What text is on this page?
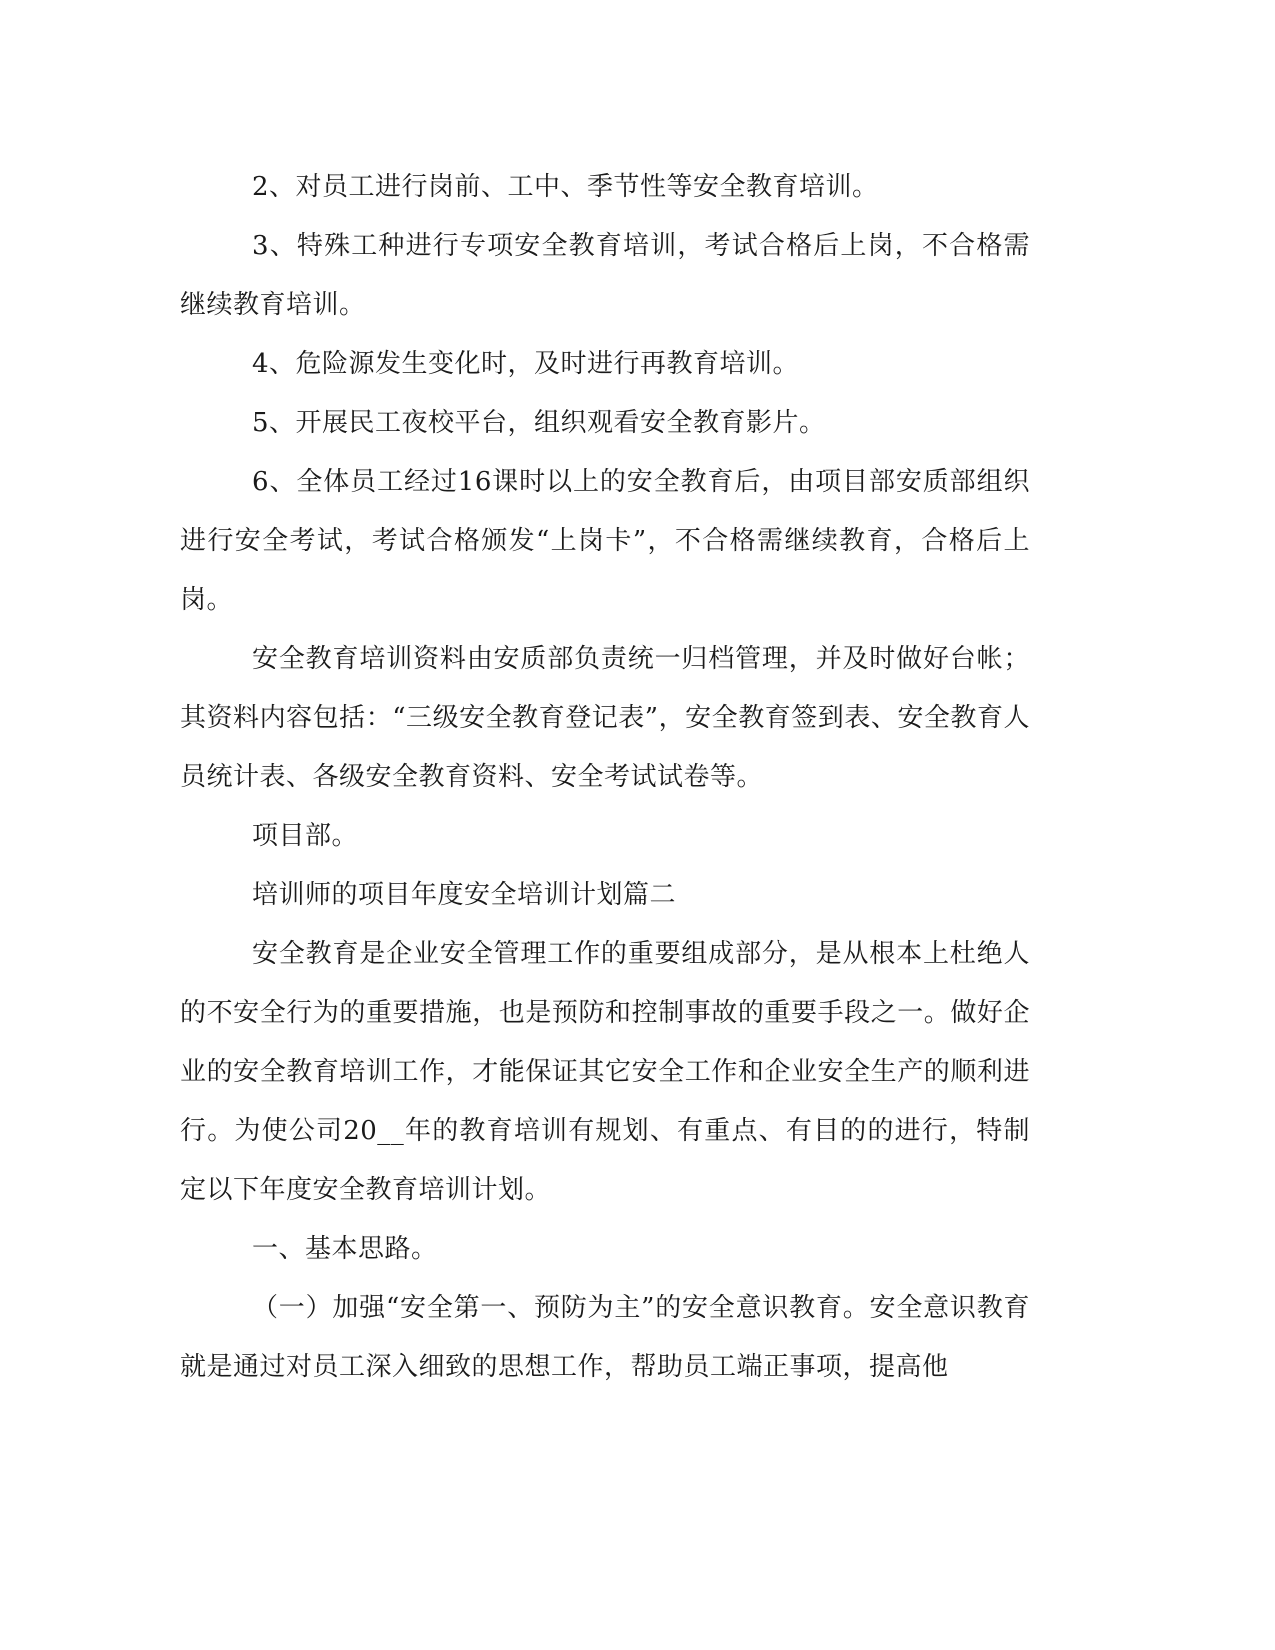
2、对员工进行岗前、工中、季节性等安全教育培训。

3、特殊工种进行专项安全教育培训，考试合格后上岗，不合格需继续教育培训。

4、危险源发生变化时，及时进行再教育培训。

5、开展民工夜校平台，组织观看安全教育影片。

6、全体员工经过16课时以上的安全教育后，由项目部安质部组织进行安全考试，考试合格颁发“上岗卡”，不合格需继续教育，合格后上岗。

安全教育培训资料由安质部负责统一归档管理，并及时做好台帐；其资料内容包括：“三级安全教育登记表”，安全教育签到表、安全教育人员统计表、各级安全教育资料、安全考试试卷等。

项目部。

培训师的项目年度安全培训计划篇二

安全教育是企业安全管理工作的重要组成部分，是从根本上杜绝人的不安全行为的重要措施，也是预防和控制事故的重要手段之一。做好企业的安全教育培训工作，才能保证其它安全工作和企业安全生产的顺利进行。为使公司20__年的教育培训有规划、有重点、有目的的进行，特制定以下年度安全教育培训计划。

一、基本思路。

（一）加强“安全第一、预防为主”的安全意识教育。安全意识教育就是通过对员工深入细致的思想工作，帮助员工端正事项，提高他
